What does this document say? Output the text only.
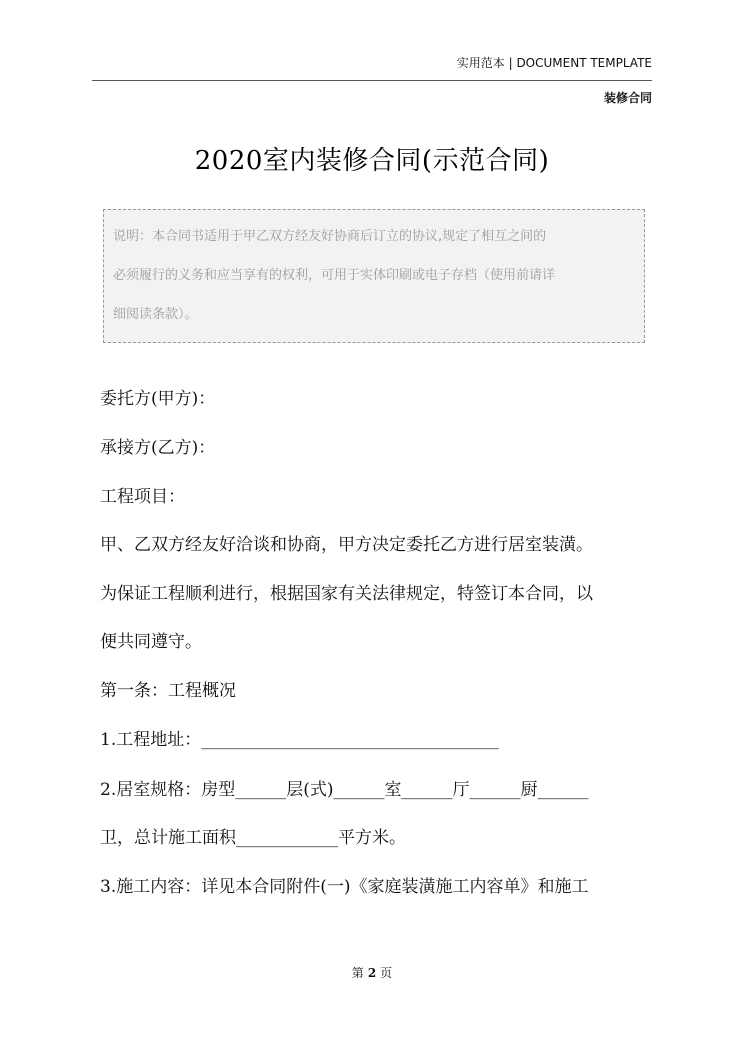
实用范本 | DOCUMENT TEMPLATE
装修合同
2020室内装修合同(示范合同)
说明：本合同书适用于甲乙双方经友好协商后订立的协议,规定了相互之间的
必须履行的义务和应当享有的权利，可用于实体印刷或电子存档（使用前请详
细阅读条款）。
委托方(甲方)：
承接方(乙方)：
工程项目：
甲、乙双方经友好洽谈和协商，甲方决定委托乙方进行居室装潢。
为保证工程顺利进行，根据国家有关法律规定，特签订本合同，以
便共同遵守。
第一条：工程概况
1.工程地址：___________________________________
2.居室规格：房型______层(式)______室______厅______厨______
卫，总计施工面积____________平方米。
3.施工内容：详见本合同附件(一)《家庭装潢施工内容单》和施工
第 2 页
